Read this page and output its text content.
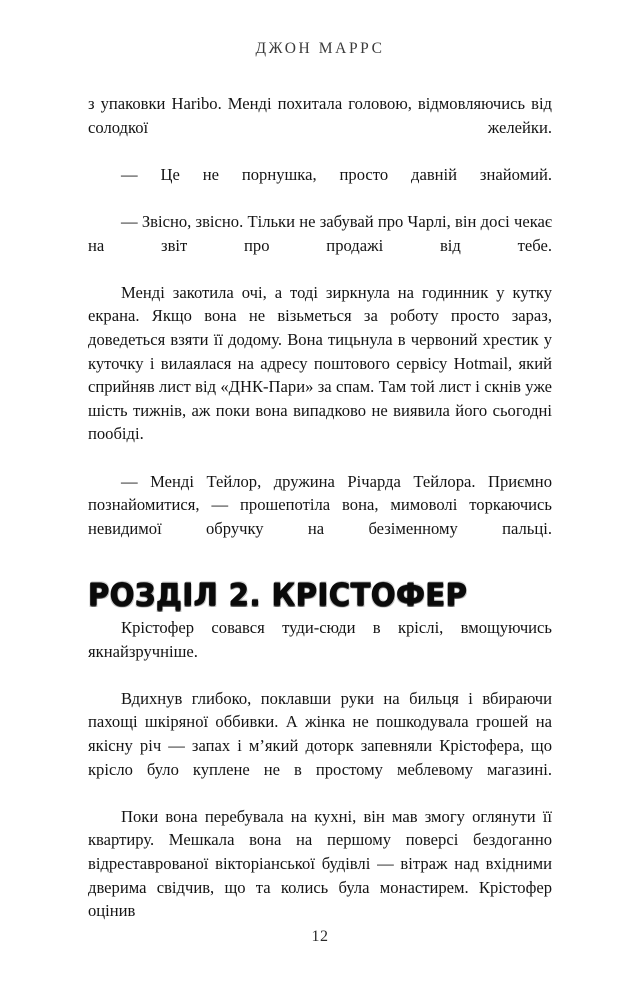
ДЖОН МАРРС

з упаковки Haribo. Менді похитала головою, відмовляючись від солодкої желейки.

— Це не порнушка, просто давній знайомий.

— Звісно, звісно. Тільки не забувай про Чарлі, він досі чекає на звіт про продажі від тебе.

Менді закотила очі, а тоді зиркнула на годинник у кутку екрана. Якщо вона не візьметься за роботу просто зараз, доведеться взяти її додому. Вона тицьнула в червоний хрестик у куточку і вилаялася на адресу поштового сервісу Hotmail, який сприйняв лист від «ДНК-Пари» за спам. Там той лист і скнів уже шість тижнів, аж поки вона випадково не виявила його сьогодні пообіді.

— Менді Тейлор, дружина Річарда Тейлора. Приємно познайомитися, — прошепотіла вона, мимоволі торкаючись невидимої обручку на безіменному пальці.

РОЗДІЛ 2. КРІСТОФЕР

Крістофер совався туди-сюди в кріслі, вмощуючись якнайзручніше.

Вдихнув глибоко, поклавши руки на бильця і вбираючи пахощі шкіряної оббивки. А жінка не пошкодувала грошей на якісну річ — запах і м’який доторк запевняли Крістофера, що крісло було куплене не в простому меблевому магазині.

Поки вона перебувала на кухні, він мав змогу оглянути її квартиру. Мешкала вона на першому поверсі бездоганно відреставрованої вікторіанської будівлі — вітраж над вхідними дверима свідчив, що та колись була монастирем. Крістофер оцінив

12
